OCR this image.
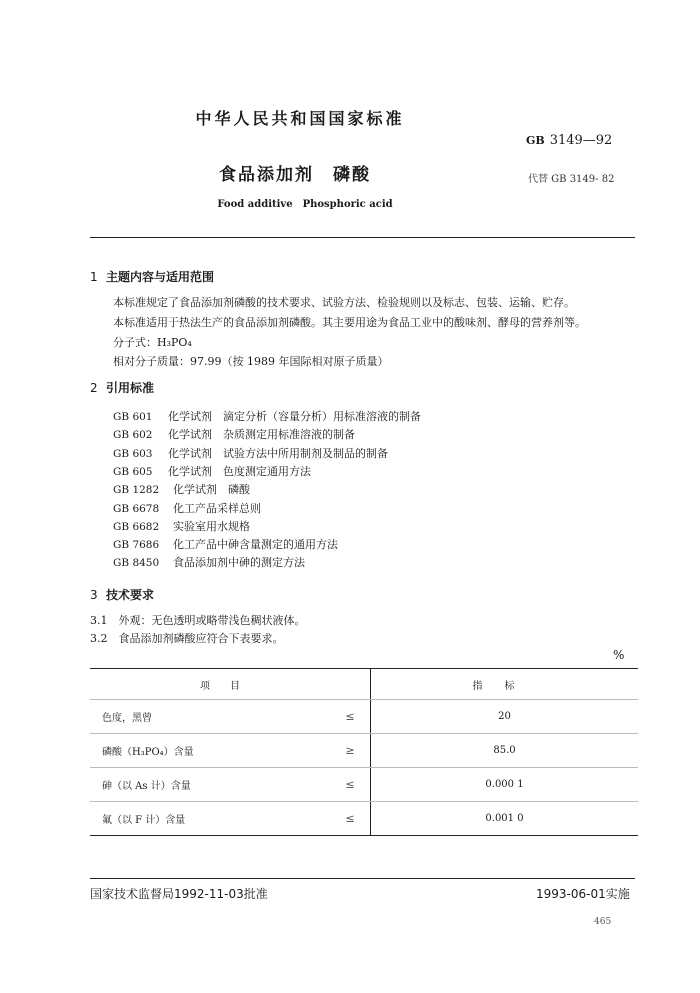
中华人民共和国国家标准
GB 3149—92
食品添加剂　磷酸	代替 GB 3149- 82
Food additive　Phosphoric acid
1 主题内容与适用范围
本标准规定了食品添加剂磷酸的技术要求、试验方法、检验规则以及标志、包装、运输、贮存。
本标准适用于热法生产的食品添加剂磷酸。其主要用途为食品工业中的酸味剂、酵母的营养剂等。
分子式：H₃PO₄
相对分子质量：97.99（按 1989 年国际相对原子质量）
2 引用标准
GB 601 化学试剂　滴定分析（容量分析）用标准溶液的制备
GB 602 化学试剂　杂质测定用标准溶液的制备
GB 603 化学试剂　试验方法中所用制剂及制品的制备
GB 605 化学试剂　色度测定通用方法
GB 1282 化学试剂　磷酸
GB 6678 化工产品采样总则
GB 6682 实验室用水规格
GB 7686 化工产品中砷含量测定的通用方法
GB 8450 食品添加剂中砷的测定方法
3 技术要求
3.1　外观：无色透明或略带浅色稠状液体。
3.2　食品添加剂磷酸应符合下表要求。
%
项目	指标
色度，黑曾	≤	20
磷酸（H₃PO₄）含量	≥	85.0
砷（以 As 计）含量	≤	0.000 1
氟（以 F 计）含量	≤	0.001 0
国家技术监督局1992-11-03批准	1993-06-01实施
465
